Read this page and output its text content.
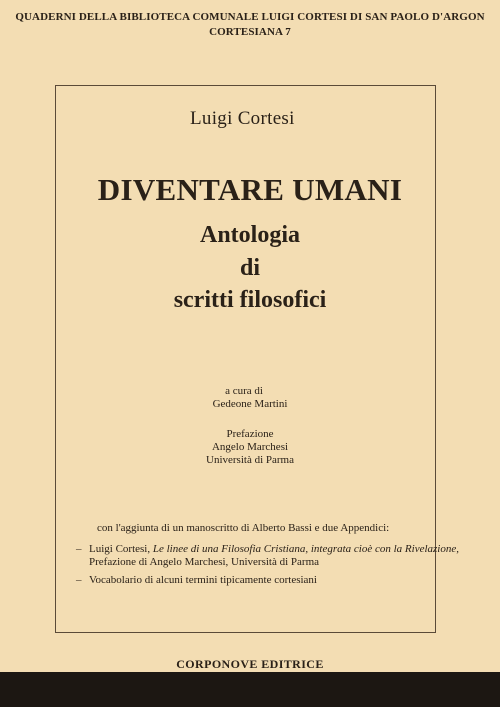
QUADERNI DELLA BIBLIOTECA COMUNALE LUIGI CORTESI DI SAN PAOLO D'ARGON
CORTESIANA 7
Luigi Cortesi
DIVENTARE UMANI
Antologia
di
scritti filosofici
a cura di
Gedeone Martini
Prefazione
Angelo Marchesi
Università di Parma
con l'aggiunta di un manoscritto di Alberto Bassi e due Appendici:
– Luigi Cortesi, Le linee di una Filosofia Cristiana, integrata cioè con la Rivelazione,
Prefazione di Angelo Marchesi, Università di Parma
– Vocabolario di alcuni termini tipicamente cortesiani
CORPONOVE EDITRICE
